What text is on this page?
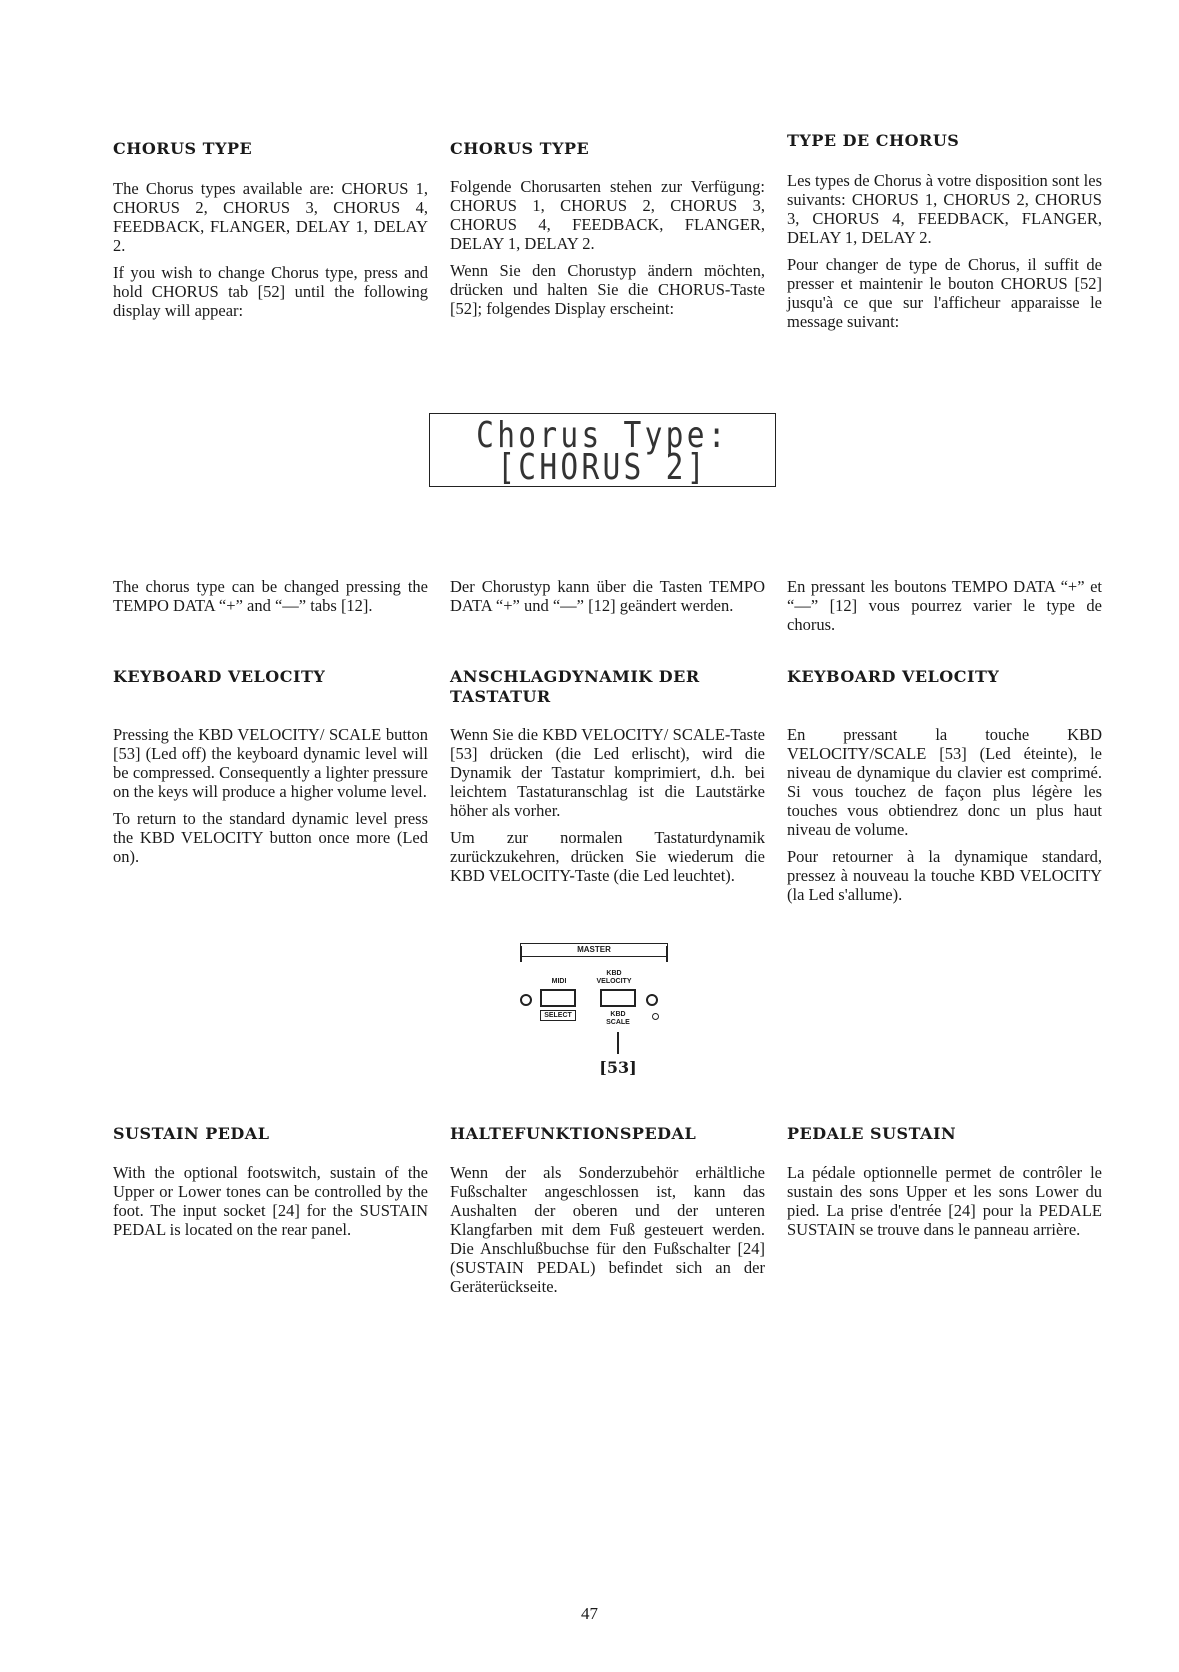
CHORUS TYPE

The Chorus types available are: CHORUS 1, CHORUS 2, CHORUS 3, CHORUS 4, FEEDBACK, FLANGER, DELAY 1, DELAY 2.

If you wish to change Chorus type, press and hold CHORUS tab [52] until the following display will appear:

The chorus type can be changed pressing the TEMPO DATA “+” and “—” tabs [12].

KEYBOARD VELOCITY

Pressing the KBD VELOCITY/ SCALE button [53] (Led off) the keyboard dynamic level will be compressed. Consequently a lighter pressure on the keys will produce a higher volume level.

To return to the standard dynamic level press the KBD VELOCITY button once more (Led on).

SUSTAIN PEDAL

With the optional footswitch, sustain of the Upper or Lower tones can be controlled by the foot. The input socket [24] for the SUSTAIN PEDAL is located on the rear panel.

CHORUS TYPE

Folgende Chorusarten stehen zur Verfügung: CHORUS 1, CHORUS 2, CHORUS 3, CHORUS 4, FEEDBACK, FLANGER, DELAY 1, DELAY 2.

Wenn Sie den Chorustyp ändern möchten, drücken und halten Sie die CHORUS-Taste [52]; folgendes Display erscheint:

Der Chorustyp kann über die Tasten TEMPO DATA “+” und “—” [12] geändert werden.

ANSCHLAGDYNAMIK DER TASTATUR

Wenn Sie die KBD VELOCITY/ SCALE-Taste [53] drücken (die Led erlischt), wird die Dynamik der Tastatur komprimiert, d.h. bei leichtem Tastaturanschlag ist die Lautstärke höher als vorher.

Um zur normalen Tastaturdynamik zurückzukehren, drücken Sie wiederum die KBD VELOCITY-Taste (die Led leuchtet).

HALTEFUNKTIONSPEDAL

Wenn der als Sonderzubehör erhältliche Fußschalter angeschlossen ist, kann das Aushalten der oberen und der unteren Klangfarben mit dem Fuß gesteuert werden. Die Anschlußbuchse für den Fußschalter [24] (SUSTAIN PEDAL) befindet sich an der Geräterückseite.

TYPE DE CHORUS

Les types de Chorus à votre disposition sont les suivants: CHORUS 1, CHORUS 2, CHORUS 3, CHORUS 4, FEEDBACK, FLANGER, DELAY 1, DELAY 2.

Pour changer de type de Chorus, il suffit de presser et maintenir le bouton CHORUS [52] jusqu'à ce que sur l'afficheur apparaisse le message suivant:

En pressant les boutons TEMPO DATA “+” et “—” [12] vous pourrez varier le type de chorus.

KEYBOARD VELOCITY

En pressant la touche KBD VELOCITY/SCALE [53] (Led éteinte), le niveau de dynamique du clavier est comprimé. Si vous touchez de façon plus légère les touches vous obtiendrez donc un plus haut niveau de volume.

Pour retourner à la dynamique standard, pressez à nouveau la touche KBD VELOCITY (la Led s'allume).

PEDALE SUSTAIN

La pédale optionnelle permet de contrôler le sustain des sons Upper et les sons Lower du pied. La prise d'entrée [24] pour la PEDALE SUSTAIN se trouve dans le panneau arrière.

Chorus Type:
[CHORUS 2]
MASTER
KBD
MIDI	VELOCITY
SELECT	KBD
SCALE
[53]
47
